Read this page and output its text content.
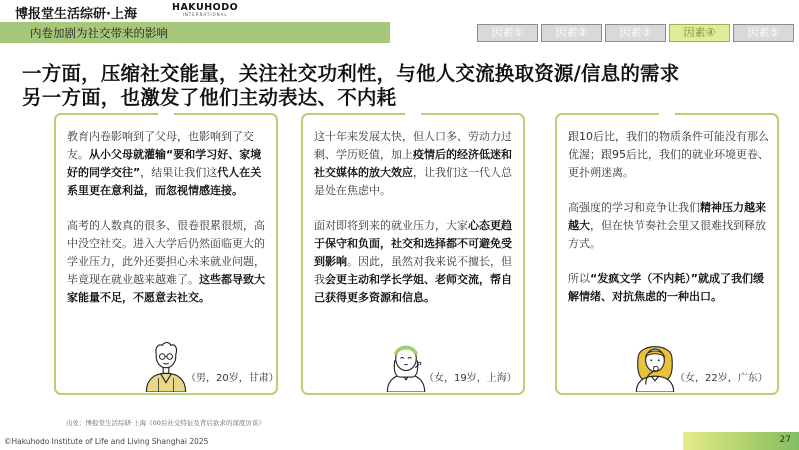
博报堂生活综研·上海	HAKUHODO
INTERNATIONAL
内卷加剧为社交带来的影响	因素①	因素②	因素③	因素④	因素⑤
一方面，压缩社交能量，关注社交功利性，与他人交流换取资源/信息的需求
另一方面，也激发了他们主动表达、不内耗

教育内卷影响到了父母，也影响到了交友。从小父母就灌输“要和学习好、家境好的同学交往”，结果让我们这代人在关系里更在意利益，而忽视情感连接。

高考的人数真的很多、很卷很累很烦，高中没空社交。进入大学后仍然面临更大的学业压力，此外还要担心未来就业问题，毕竟现在就业越来越难了。这些都导致大家能量不足，不愿意去社交。

（男，20岁，甘肃）

这十年来发展太快，但人口多、劳动力过剩、学历贬值，加上疫情后的经济低迷和社交媒体的放大效应，让我们这一代人总是处在焦虑中。

面对即将到来的就业压力，大家心态更趋于保守和负面，社交和选择都不可避免受到影响。因此，虽然对我来说不擅长，但我会更主动和学长学姐、老师交流，帮自己获得更多资源和信息。

（女，19岁，上海）

跟10后比，我们的物质条件可能没有那么优渥；跟95后比，我们的就业环境更卷、更扑朔迷离。

高强度的学习和竞争让我们精神压力越来越大，但在快节奏社会里又很难找到释放方式。

所以“发疯文学（不内耗）”就成了我们缓解情绪、对抗焦虑的一种出口。

（女，22岁，广东）
出处：博报堂生活综研·上海《00后社交特征及背后欲求的深度访谈》
©Hakuhodo Institute of Life and Living Shanghai 2025	27
